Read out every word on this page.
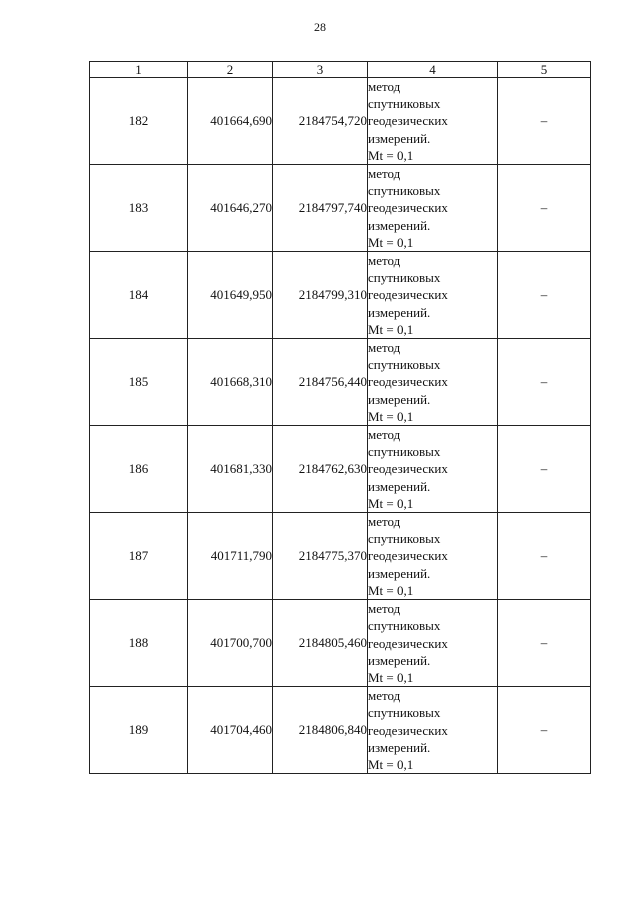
28
1	2	3	4	5
182	401664,690	2184754,720	метод
спутниковых
геодезических
измерений.
Mt = 0,1	–
183	401646,270	2184797,740	метод
спутниковых
геодезических
измерений.
Mt = 0,1	–
184	401649,950	2184799,310	метод
спутниковых
геодезических
измерений.
Mt = 0,1	–
185	401668,310	2184756,440	метод
спутниковых
геодезических
измерений.
Mt = 0,1	–
186	401681,330	2184762,630	метод
спутниковых
геодезических
измерений.
Mt = 0,1	–
187	401711,790	2184775,370	метод
спутниковых
геодезических
измерений.
Mt = 0,1	–
188	401700,700	2184805,460	метод
спутниковых
геодезических
измерений.
Mt = 0,1	–
189	401704,460	2184806,840	метод
спутниковых
геодезических
измерений.
Mt = 0,1	–
